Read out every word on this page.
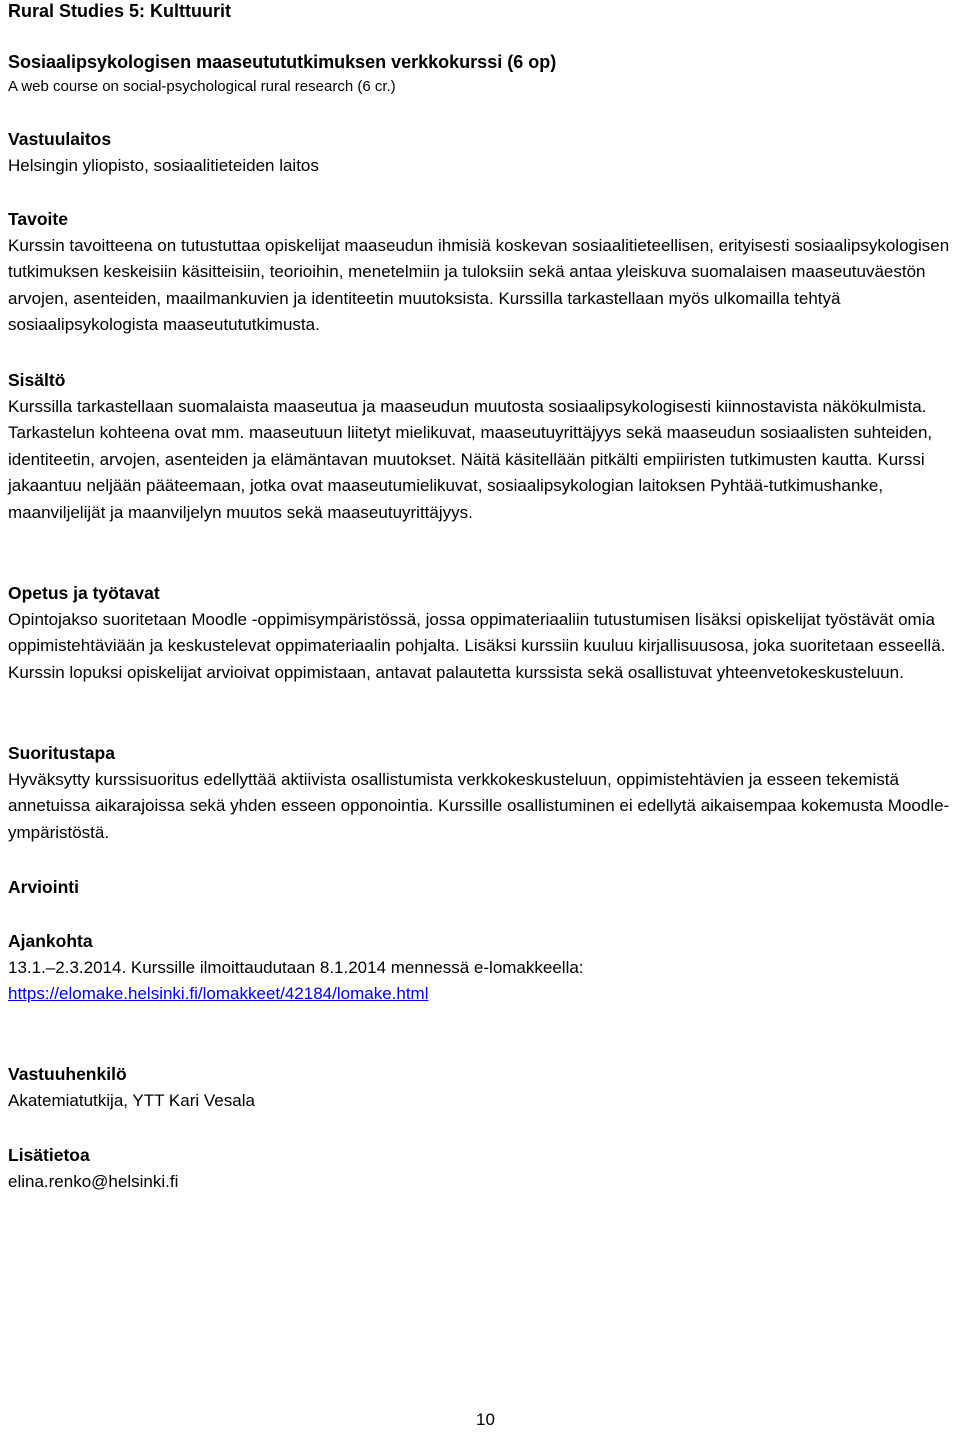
Rural Studies 5: Kulttuurit
Sosiaalipsykologisen maaseutututkimuksen verkkokurssi (6 op)
A web course on social-psychological rural research (6 cr.)

Vastuulaitos

Helsingin yliopisto, sosiaalitieteiden laitos

Tavoite

Kurssin tavoitteena on tutustuttaa opiskelijat maaseudun ihmisiä koskevan sosiaalitieteellisen, erityisesti sosiaalipsykologisen tutkimuksen keskeisiin käsitteisiin, teorioihin, menetelmiin ja tuloksiin sekä antaa yleiskuva suomalaisen maaseutuväestön arvojen, asenteiden, maailmankuvien ja identiteetin muutoksista. Kurssilla tarkastellaan myös ulkomailla tehtyä sosiaalipsykologista maaseutututkimusta.

Sisältö

Kurssilla tarkastellaan suomalaista maaseutua ja maaseudun muutosta sosiaalipsykologisesti kiinnostavista näkökulmista. Tarkastelun kohteena ovat mm. maaseutuun liitetyt mielikuvat, maaseutuyrittäjyys sekä maaseudun sosiaalisten suhteiden, identiteetin, arvojen, asenteiden ja elämäntavan muutokset. Näitä käsitellään pitkälti empiiristen tutkimusten kautta. Kurssi jakaantuu neljään pääteemaan, jotka ovat maaseutumielikuvat, sosiaalipsykologian laitoksen Pyhtää-tutkimushanke, maanviljelijät ja maanviljelyn muutos sekä maaseutuyrittäjyys.

Opetus ja työtavat

Opintojakso suoritetaan Moodle -oppimisympäristössä, jossa oppimateriaaliin tutustumisen lisäksi opiskelijat työstävät omia oppimistehtäviään ja keskustelevat oppimateriaalin pohjalta. Lisäksi kurssiin kuuluu kirjallisuusosa, joka suoritetaan esseellä. Kurssin lopuksi opiskelijat arvioivat oppimistaan, antavat palautetta kurssista sekä osallistuvat yhteenvetokeskusteluun.

Suoritustapa

Hyväksytty kurssisuoritus edellyttää aktiivista osallistumista verkkokeskusteluun, oppimistehtävien ja esseen tekemistä annetuissa aikarajoissa sekä yhden esseen opponointia. Kurssille osallistuminen ei edellytä aikaisempaa kokemusta Moodle-ympäristöstä.

Arviointi

Ajankohta

13.1.–2.3.2014. Kurssille ilmoittaudutaan 8.1.2014 mennessä e-lomakkeella:

https://elomake.helsinki.fi/lomakkeet/42184/lomake.html

Vastuuhenkilö

Akatemiatutkija, YTT Kari Vesala

Lisätietoa

elina.renko@helsinki.fi

10
